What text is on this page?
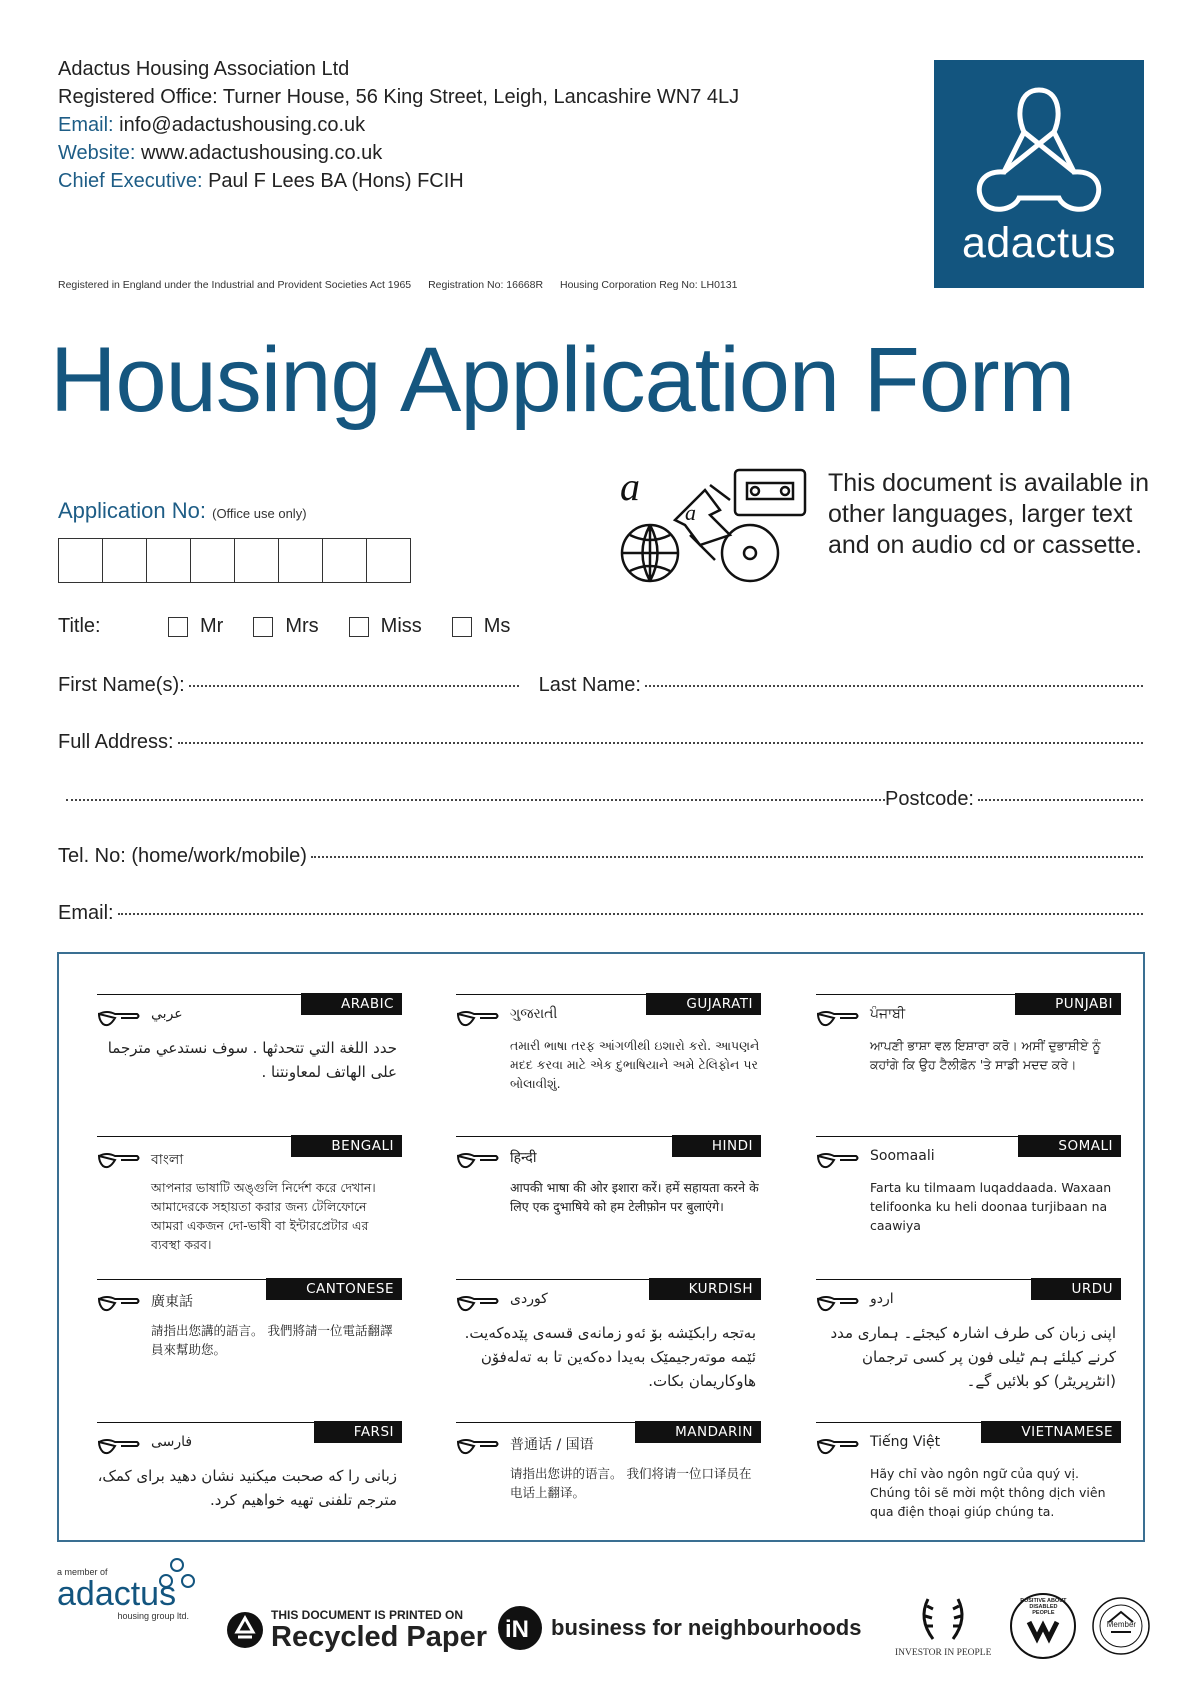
Adactus Housing Association Ltd
Registered Office: Turner House, 56 King Street, Leigh, Lancashire WN7 4LJ
Email: info@adactushousing.co.uk
Website: www.adactushousing.co.uk
Chief Executive: Paul F Lees BA (Hons) FCIH
Registered in England under the Industrial and Provident Societies Act 1965 Registration No: 16668R Housing Corporation Reg No: LH0131
adactus
Housing Application Form
Application No: (Office use only)
a
a
This document is available in other languages, larger text and on audio cd or cassette.
Title:	Mr	Mrs	Miss	Ms
First Name(s):	Last Name:
Full Address:
Postcode:
Tel. No: (home/work/mobile)
Email:
ARABIC
عربي
حدد اللغة التي تتحدثها . سوف نستدعي مترجما على الهاتف لمعاونتنا .
GUJARATI
ગુજરાતી
તમારી ભાષા તરફ આંગળીથી ઇશારો કરો. આપણને મદદ કરવા માટે એક દુભાષિયાને અમે ટેલિફોન પર બોલાવીશું.
PUNJABI
ਪੰਜਾਬੀ
ਆਪਣੀ ਭਾਸ਼ਾ ਵਲ ਇਸ਼ਾਰਾ ਕਰੋ। ਅਸੀਂ ਦੁਭਾਸ਼ੀਏ ਨੂੰ ਕਹਾਂਗੇ ਕਿ ਉਹ ਟੈਲੀਫ਼ੋਨ 'ਤੇ ਸਾਡੀ ਮਦਦ ਕਰੇ।
BENGALI
বাংলা
আপনার ভাষাটি অঙ্গুলি নির্দেশ করে দেখান। আমাদেরকে সহায়তা করার জন্য টেলিফোনে আমরা একজন দো-ভাষী বা ইন্টারপ্রেটার এর ব্যবস্থা করব।
HINDI
हिन्दी
आपकी भाषा की ओर इशारा करें। हमें सहायता करने के लिए एक दुभाषिये को हम टेलीफ़ोन पर बुलाएंगे।
SOMALI
Soomaali
Farta ku tilmaam luqaddaada. Waxaan telifoonka ku heli doonaa turjibaan na caawiya
CANTONESE
廣東話
請指出您講的語言。 我們將請一位電話翻譯員來幫助您。
KURDISH
کوردی
بەتجە رابکێشە بۆ ئەو زمانەی قسەی پێدەکەیت. ئێمە موتەرجیمێک بەیدا دەکەین تا بە تەلەفۆن هاوکاریمان بکات.
URDU
اردو
اپنی زبان کی طرف اشارہ کیجئے۔ ہماری مدد کرنے کیلئے ہم ٹیلی فون پر کسی ترجمان (انٹرپریٹر) کو بلائیں گے۔
FARSI
فارسی
زبانی را که صحبت میکنید نشان دهید برای کمک، مترجم تلفنی تهیه خواهیم کرد.
MANDARIN
普通话 / 国语
请指出您讲的语言。 我们将请一位口译员在电话上翻译。
VIETNAMESE
Tiếng Việt
Hãy chỉ vào ngôn ngữ của quý vị. Chúng tôi sẽ mời một thông dịch viên qua điện thoại giúp chúng ta.
a member of
adactus
housing group ltd.	THIS DOCUMENT IS PRINTED ON
Recycled Paper iN business for neighbourhoods
INVESTOR IN PEOPLE
POSITIVE ABOUT DISABLED PEOPLE
Member
